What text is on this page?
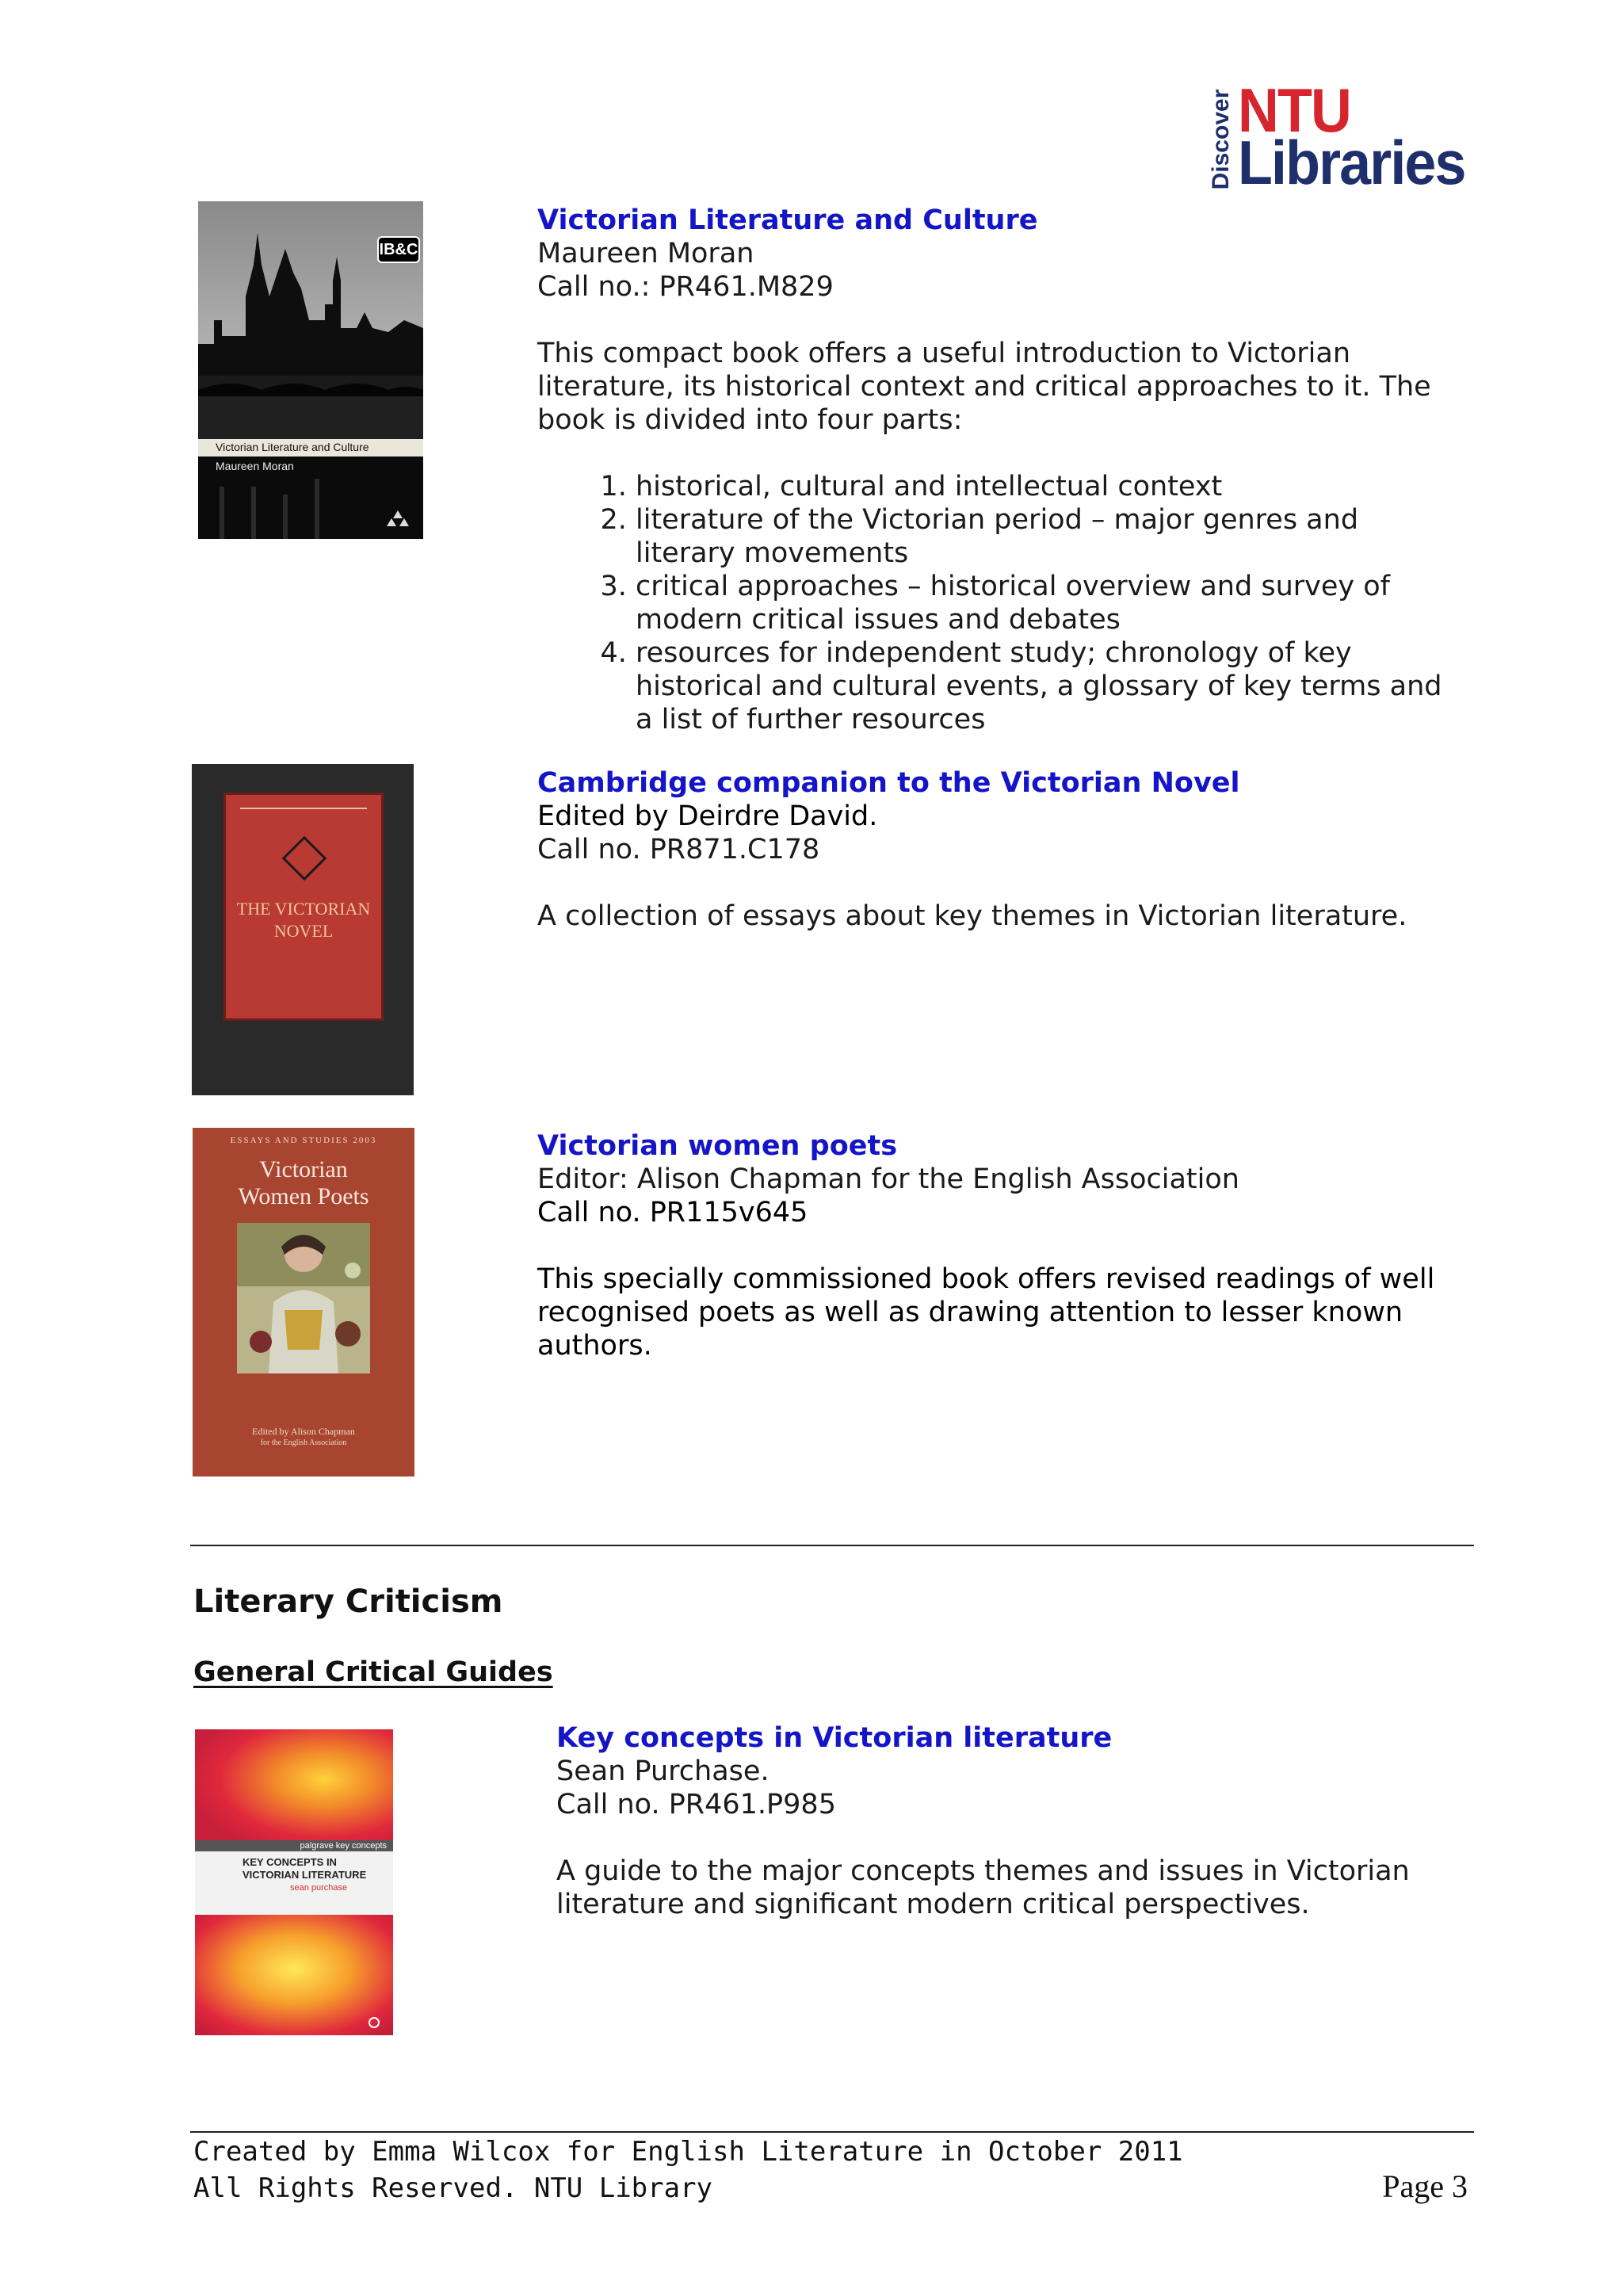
Discover NTU
Libraries
IB&C
Victorian Literature and Culture
Maureen Moran
Victorian Literature and Culture
Maureen Moran
Call no.: PR461.M829

This compact book offers a useful introduction to Victorian literature, its historical context and critical approaches to it. The book is divided into four parts:

1. historical, cultural and intellectual context
2. literature of the Victorian period – major genres and literary movements
3. critical approaches – historical overview and survey of modern critical issues and debates
4. resources for independent study; chronology of key historical and cultural events, a glossary of key terms and a list of further resources
THE VICTORIAN NOVEL
Cambridge companion to the Victorian Novel
Edited by Deirdre David.
Call no. PR871.C178

A collection of essays about key themes in Victorian literature.

ESSAYS AND STUDIES 2003
Victorian
Women Poets
Edited by Alison Chapman
for the English Association
Victorian women poets
Editor: Alison Chapman for the English Association
Call no. PR115v645

This specially commissioned book offers revised readings of well recognised poets as well as drawing attention to lesser known authors.

Literary Criticism
General Critical Guides
palgrave key concepts
KEY CONCEPTS IN
VICTORIAN LITERATURE
sean purchase
Key concepts in Victorian literature
Sean Purchase.
Call no. PR461.P985

A guide to the major concepts themes and issues in Victorian literature and significant modern critical perspectives.

Created by Emma Wilcox for English Literature in October 2011
All Rights Reserved. NTU Library	Page 3
